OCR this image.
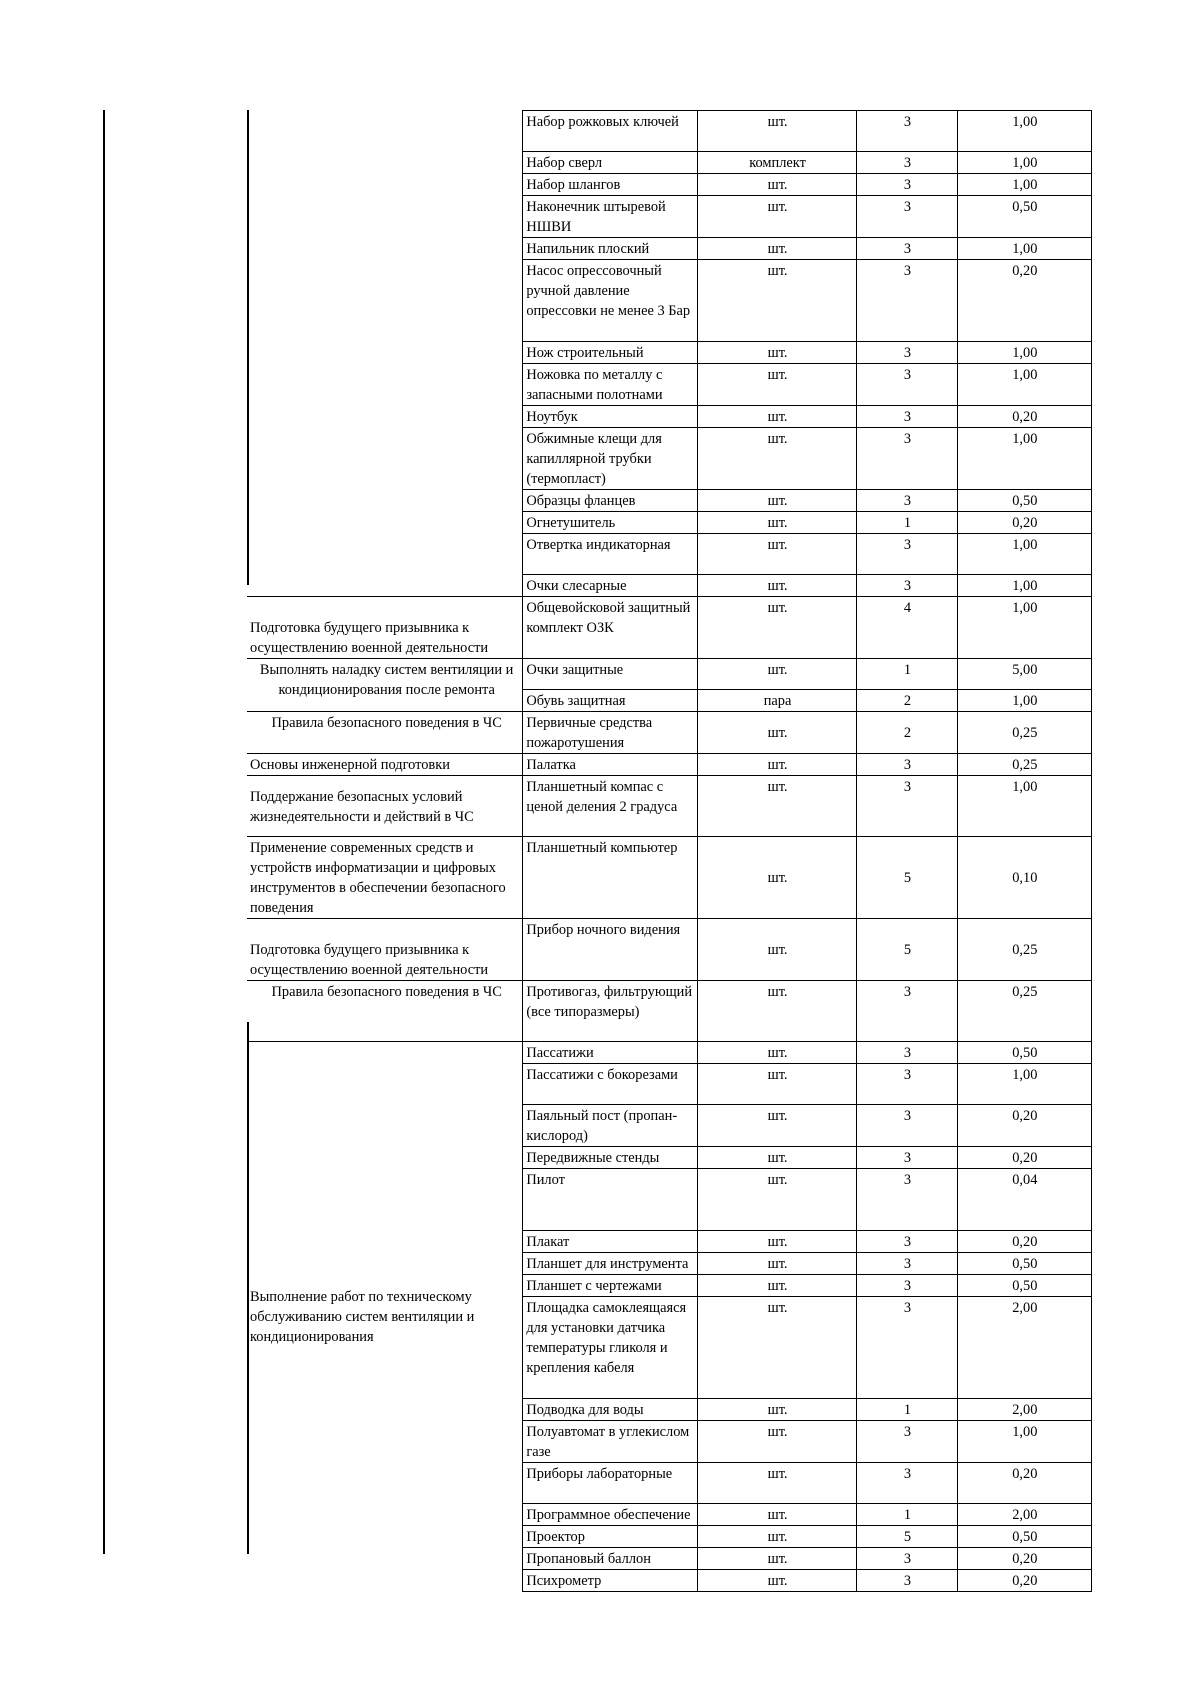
	Набор рожковых ключей	шт.	3	1,00
	Набор сверл	комплект	3	1,00
	Набор шлангов	шт.	3	1,00
	Наконечник штыревой НШВИ	шт.	3	0,50
	Напильник плоский	шт.	3	1,00
	Насос опрессовочный ручной давление опрессовки не менее 3 Бар	шт.	3	0,20
	Нож строительный	шт.	3	1,00
	Ножовка по металлу с запасными полотнами	шт.	3	1,00
	Ноутбук	шт.	3	0,20
	Обжимные клещи для капиллярной трубки (термопласт)	шт.	3	1,00
	Образцы фланцев	шт.	3	0,50
	Огнетушитель	шт.	1	0,20
	Отвертка индикаторная	шт.	3	1,00
	Очки слесарные	шт.	3	1,00
Подготовка будущего призывника к осуществлению военной деятельности	Общевойсковой защитный комплект ОЗК	шт.	4	1,00
Выполнять наладку систем вентиляции и кондиционирования после ремонта	Очки защитные	шт.	1	5,00
	Обувь защитная	пара	2	1,00
Правила безопасного поведения в ЧС	Первичные средства пожаротушения	шт.	2	0,25
Основы инженерной подготовки	Палатка	шт.	3	0,25
Поддержание безопасных условий жизнедеятельности и действий в ЧС	Планшетный компас с ценой деления 2 градуса	шт.	3	1,00
Применение современных средств и устройств информатизации и цифровых инструментов в обеспечении безопасного поведения	Планшетный компьютер	шт.	5	0,10
Подготовка будущего призывника к осуществлению военной деятельности	Прибор ночного видения	шт.	5	0,25
Правила безопасного поведения в ЧС	Противогаз, фильтрующий (все типоразмеры)	шт.	3	0,25
Выполнение работ по техническому обслуживанию систем вентиляции и кондиционирования	Пассатижи	шт.	3	0,50
	Пассатижи с бокорезами	шт.	3	1,00
	Паяльный пост (пропан-кислород)	шт.	3	0,20
	Передвижные стенды	шт.	3	0,20
	Пилот	шт.	3	0,04
	Плакат	шт.	3	0,20
	Планшет для инструмента	шт.	3	0,50
	Планшет с чертежами	шт.	3	0,50
	Площадка самоклеящаяся для установки датчика температуры гликоля и крепления кабеля	шт.	3	2,00
	Подводка для воды	шт.	1	2,00
	Полуавтомат в углекислом газе	шт.	3	1,00
	Приборы лабораторные	шт.	3	0,20
	Программное обеспечение	шт.	1	2,00
	Проектор	шт.	5	0,50
	Пропановый баллон	шт.	3	0,20
	Психрометр	шт.	3	0,20
